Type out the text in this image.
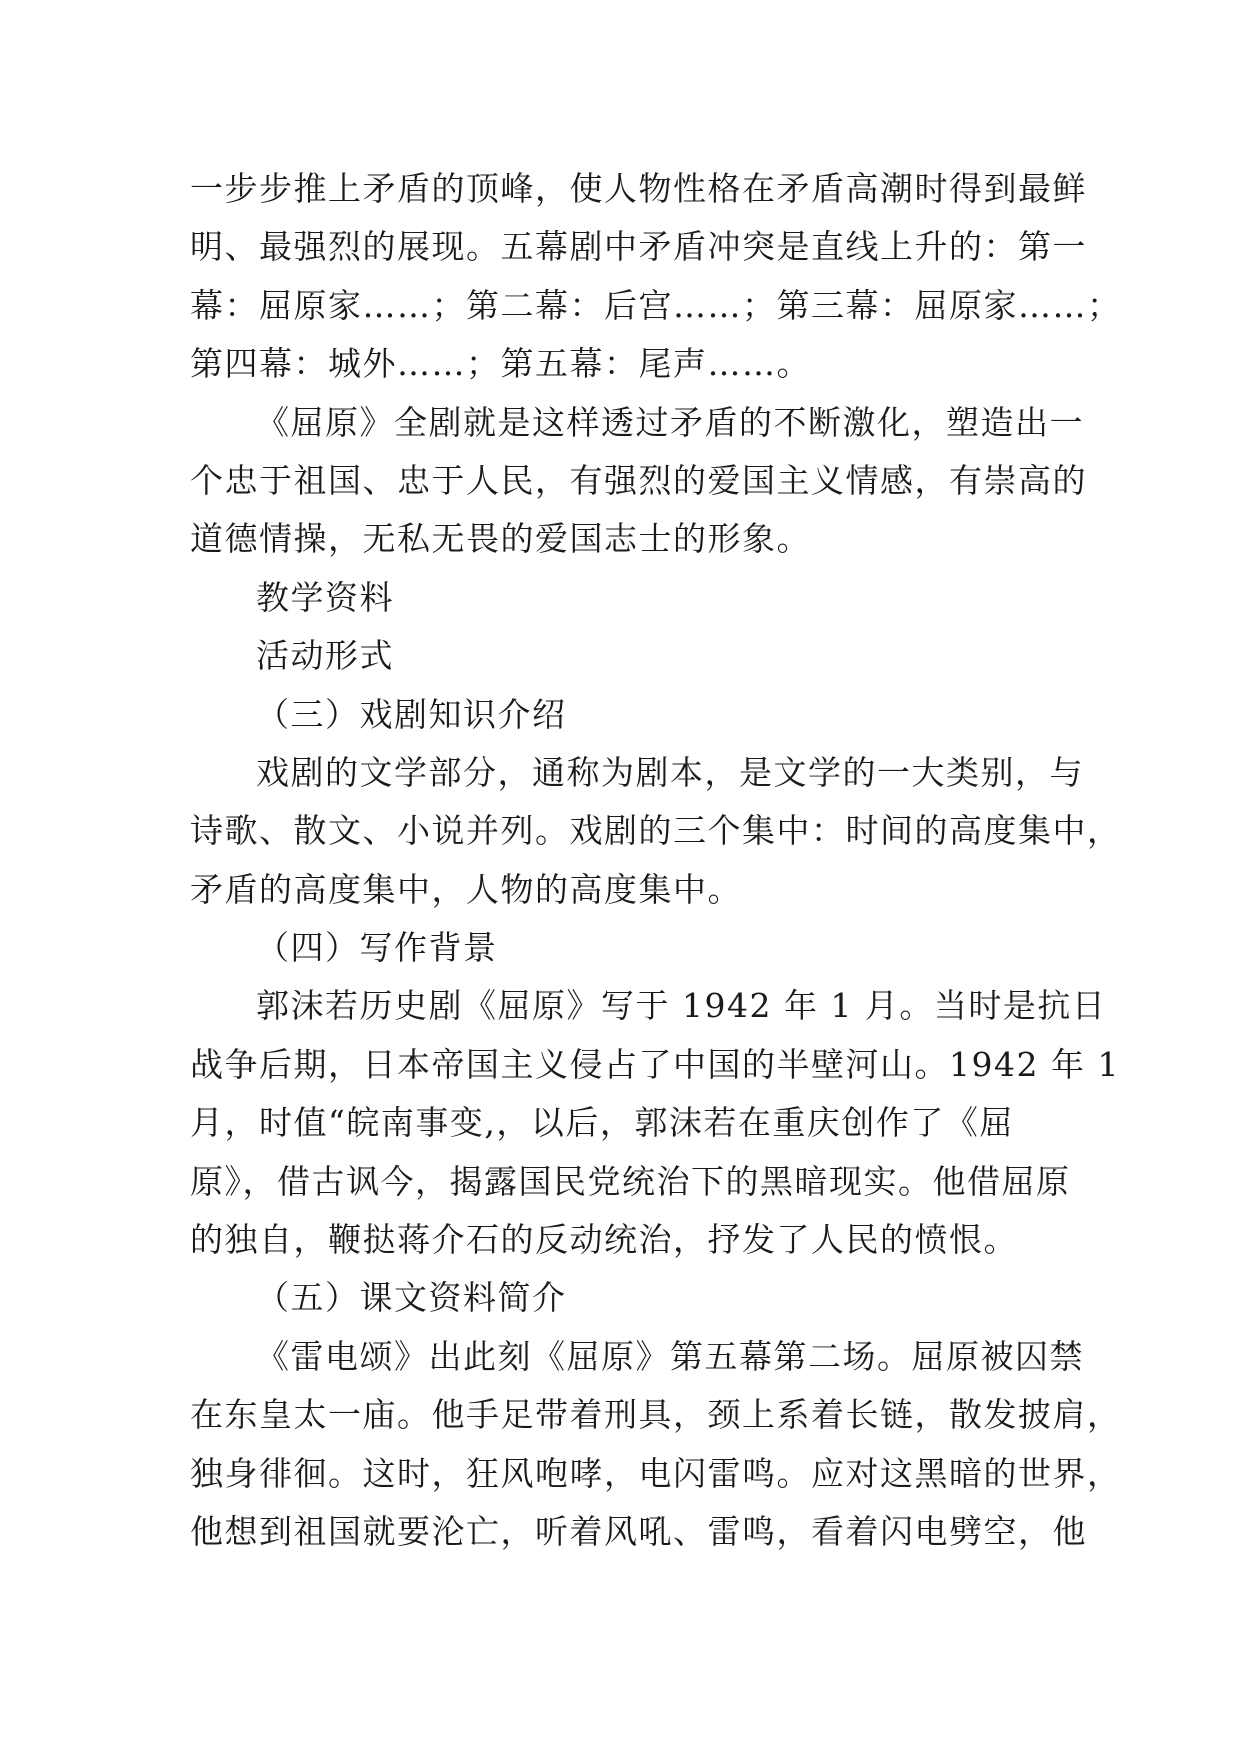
一步步推上矛盾的顶峰，使人物性格在矛盾高潮时得到最鲜
明、最强烈的展现。五幕剧中矛盾冲突是直线上升的：第一
幕：屈原家……；第二幕：后宫……；第三幕：屈原家……；
第四幕：城外……；第五幕：尾声……。
《屈原》全剧就是这样透过矛盾的不断激化，塑造出一
个忠于祖国、忠于人民，有强烈的爱国主义情感，有崇高的
道德情操，无私无畏的爱国志士的形象。
教学资料
活动形式
（三）戏剧知识介绍
戏剧的文学部分，通称为剧本，是文学的一大类别，与
诗歌、散文、小说并列。戏剧的三个集中：时间的高度集中，
矛盾的高度集中，人物的高度集中。
（四）写作背景
郭沫若历史剧《屈原》写于 1942 年 1 月。当时是抗日
战争后期，日本帝国主义侵占了中国的半壁河山。1942 年 1
月，时值“皖南事变,，以后，郭沫若在重庆创作了《屈
原》，借古讽今，揭露国民党统治下的黑暗现实。他借屈原
的独自，鞭挞蒋介石的反动统治，抒发了人民的愤恨。
（五）课文资料简介
《雷电颂》出此刻《屈原》第五幕第二场。屈原被囚禁
在东皇太一庙。他手足带着刑具，颈上系着长链，散发披肩，
独身徘徊。这时，狂风咆哮，电闪雷鸣。应对这黑暗的世界，
他想到祖国就要沦亡，听着风吼、雷鸣，看着闪电劈空，他
